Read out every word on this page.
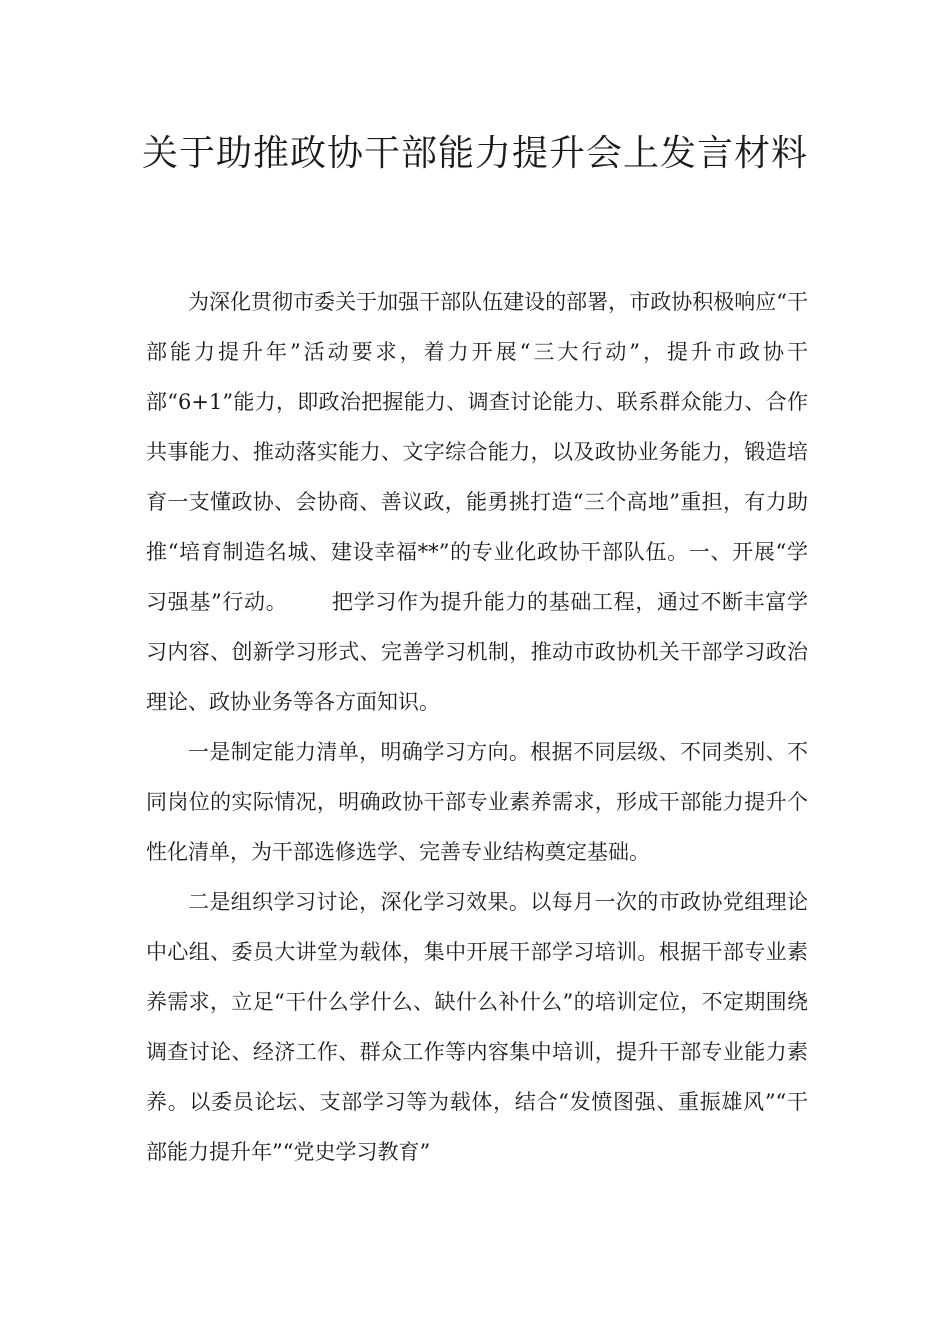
关于助推政协干部能力提升会上发言材料

为深化贯彻市委关于加强干部队伍建设的部署，市政协积极响应“干部能力提升年”活动要求，着力开展“三大行动”，提升市政协干部“6+1”能力，即政治把握能力、调查讨论能力、联系群众能力、合作共事能力、推动落实能力、文字综合能力，以及政协业务能力，锻造培育一支懂政协、会协商、善议政，能勇挑打造“三个高地”重担，有力助推“培育制造名城、建设幸福**”的专业化政协干部队伍。一、开展“学习强基”行动。 把学习作为提升能力的基础工程，通过不断丰富学习内容、创新学习形式、完善学习机制，推动市政协机关干部学习政治理论、政协业务等各方面知识。

一是制定能力清单，明确学习方向。根据不同层级、不同类别、不同岗位的实际情况，明确政协干部专业素养需求，形成干部能力提升个性化清单，为干部选修选学、完善专业结构奠定基础。

二是组织学习讨论，深化学习效果。以每月一次的市政协党组理论中心组、委员大讲堂为载体，集中开展干部学习培训。根据干部专业素养需求，立足“干什么学什么、缺什么补什么”的培训定位，不定期围绕调查讨论、经济工作、群众工作等内容集中培训，提升干部专业能力素养。以委员论坛、支部学习等为载体，结合“发愤图强、重振雄风”“干部能力提升年”“党史学习教育”
